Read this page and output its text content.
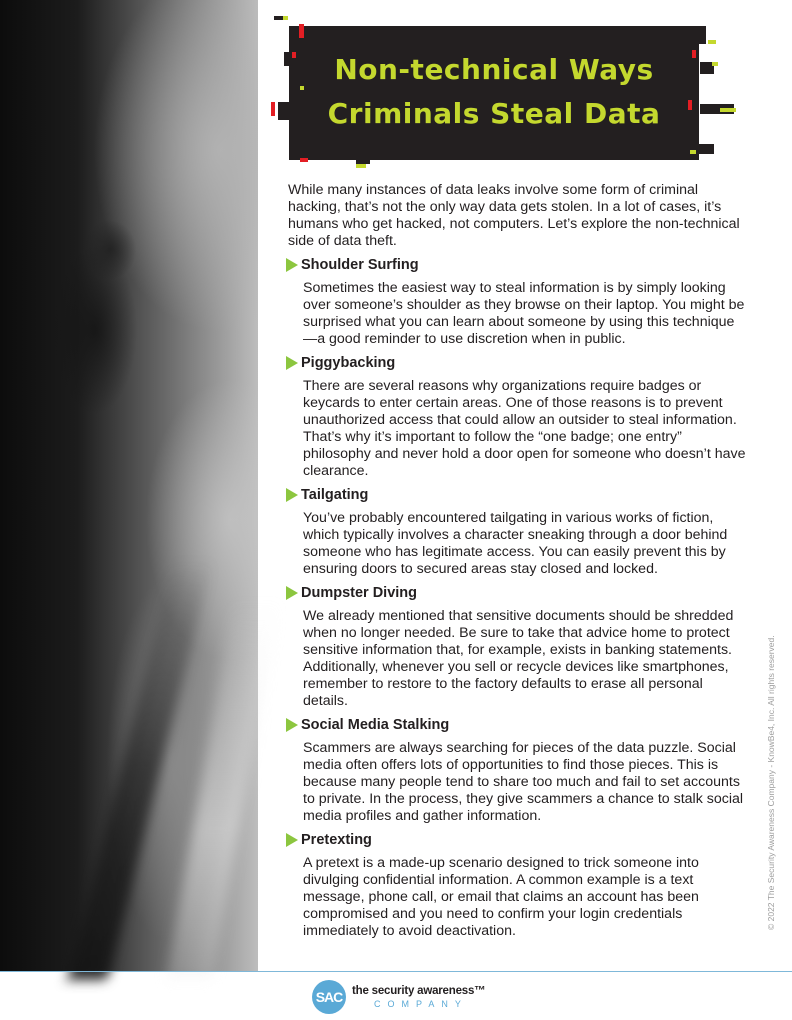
Non-technical Ways
Criminals Steal Data

While many instances of data leaks involve some form of criminal hacking, that’s not the only way data gets stolen. In a lot of cases, it’s humans who get hacked, not computers. Let’s explore the non-technical side of data theft.

Shoulder Surfing

Sometimes the easiest way to steal information is by simply looking over someone’s shoulder as they browse on their laptop. You might be surprised what you can learn about someone by using this technique—a good reminder to use discretion when in public.

Piggybacking

There are several reasons why organizations require badges or keycards to enter certain areas. One of those reasons is to prevent unauthorized access that could allow an outsider to steal information. That’s why it’s important to follow the “one badge; one entry” philosophy and never hold a door open for someone who doesn’t have clearance.

Tailgating

You’ve probably encountered tailgating in various works of fiction, which typically involves a character sneaking through a door behind someone who has legitimate access. You can easily prevent this by ensuring doors to secured areas stay closed and locked.

Dumpster Diving

We already mentioned that sensitive documents should be shredded when no longer needed. Be sure to take that advice home to protect sensitive information that, for example, exists in banking statements. Additionally, whenever you sell or recycle devices like smartphones, remember to restore to the factory defaults to erase all personal details.

Social Media Stalking

Scammers are always searching for pieces of the data puzzle. Social media often offers lots of opportunities to find those pieces. This is because many people tend to share too much and fail to set accounts to private. In the process, they give scammers a chance to stalk social media profiles and gather information.

Pretexting

A pretext is a made-up scenario designed to trick someone into divulging confidential information. A common example is a text message, phone call, or email that claims an account has been compromised and you need to confirm your login credentials immediately to avoid deactivation.

© 2022 The Security Awareness Company - KnowBe4, Inc. All rights reserved.
SAC the security awareness™
COMPANY
